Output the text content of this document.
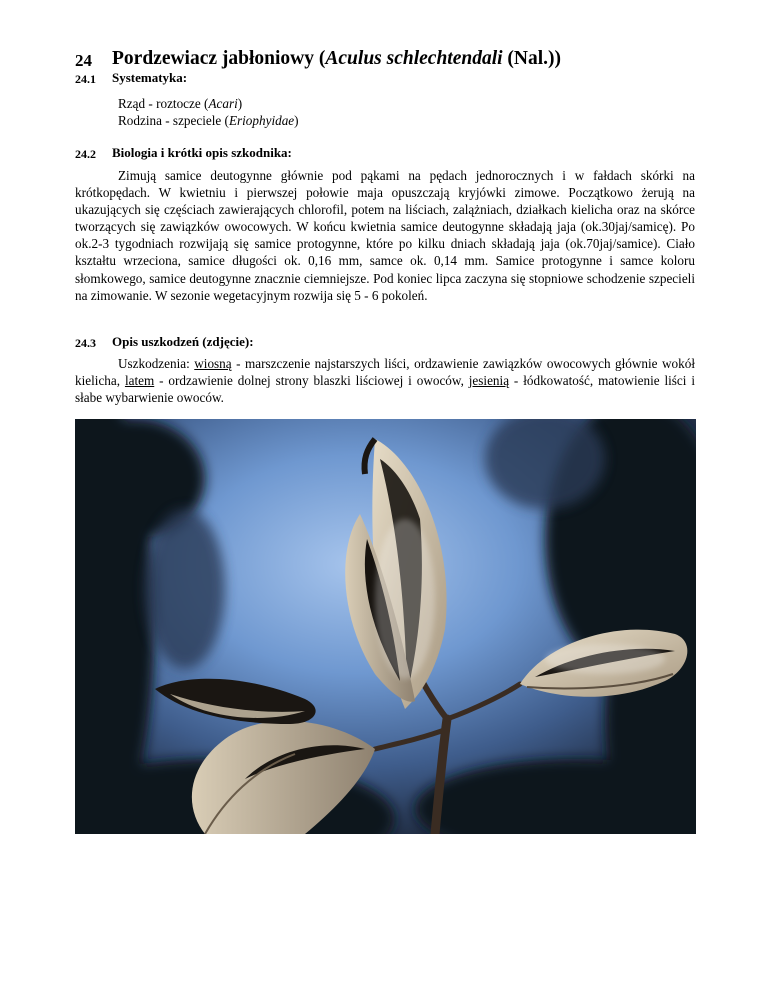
24 Pordzewiacz jabłoniowy (Aculus schlechtendali (Nal.))
24.1 Systematyka:
Rząd - roztocze (Acari)
Rodzina - szpeciele (Eriophyidae)
24.2 Biologia i krótki opis szkodnika:
Zimują samice deutogynne głównie pod pąkami na pędach jednorocznych i w fałdach skórki na krótkopędach. W kwietniu i pierwszej połowie maja opuszczają kryjówki zimowe. Początkowo żerują na ukazujących się częściach zawierających chlorofil, potem na liściach, zalążniach, działkach kielicha oraz na skórce tworzących się zawiązków owocowych. W końcu kwietnia samice deutogynne składają jaja (ok.30jaj/samicę). Po ok.2-3 tygodniach rozwijają się samice protogynne, które po kilku dniach składają jaja (ok.70jaj/samice). Ciało kształtu wrzeciona, samice długości ok. 0,16 mm, samce ok. 0,14 mm. Samice protogynne i samce koloru słomkowego, samice deutogynne znacznie ciemniejsze. Pod koniec lipca zaczyna się stopniowe schodzenie szpecieli na zimowanie. W sezonie wegetacyjnym rozwija się 5 - 6 pokoleń.
24.3 Opis uszkodzeń (zdjęcie):
Uszkodzenia: wiosną - marszczenie najstarszych liści, ordzawienie zawiązków owocowych głównie wokół kielicha, latem - ordzawienie dolnej strony blaszki liściowej i owoców, jesienią - łódkowatość, matowienie liści i słabe wybarwienie owoców.
